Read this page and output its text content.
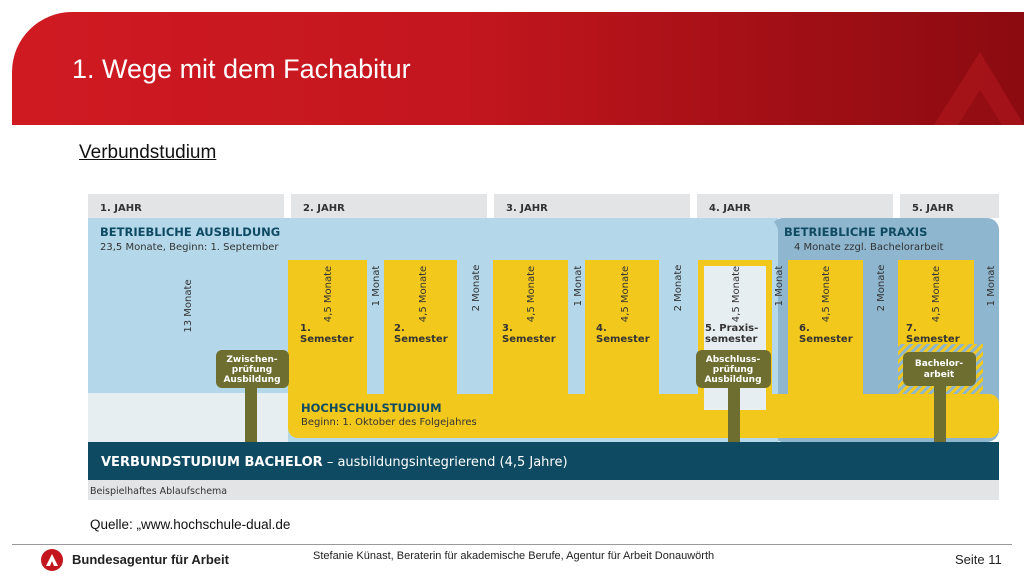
1. Wege mit dem Fachabitur
Verbundstudium
1. JAHR	2. JAHR	3. JAHR	4. JAHR	5. JAHR
BETRIEBLICHE AUSBILDUNG
23,5 Monate, Beginn: 1. September
BETRIEBLICHE PRAXIS
4 Monate zzgl. Bachelorarbeit
13 Monate	4,5 Monate	1 Monat	4,5 Monate	2 Monate	4,5 Monate	1 Monat	4,5 Monate	2 Monate	4,5 Monate	1 Monat	4,5 Monate	2 Monate	4,5 Monate	1 Monat
1.
Semester
2.
Semester
3.
Semester
4.
Semester
5. Praxis-
semester
6.
Semester
7.
Semester
Zwischen-
prüfung
Ausbildung
Abschluss-
prüfung
Ausbildung
Bachelor-
arbeit
HOCHSCHULSTUDIUM
Beginn: 1. Oktober des Folgejahres
VERBUNDSTUDIUM BACHELOR – ausbildungsintegrierend (4,5 Jahre)
Beispielhaftes Ablaufschema
Quelle: „www.hochschule-dual.de
Bundesagentur für Arbeit	Stefanie Künast, Beraterin für akademische Berufe, Agentur für Arbeit Donauwörth	Seite 11
